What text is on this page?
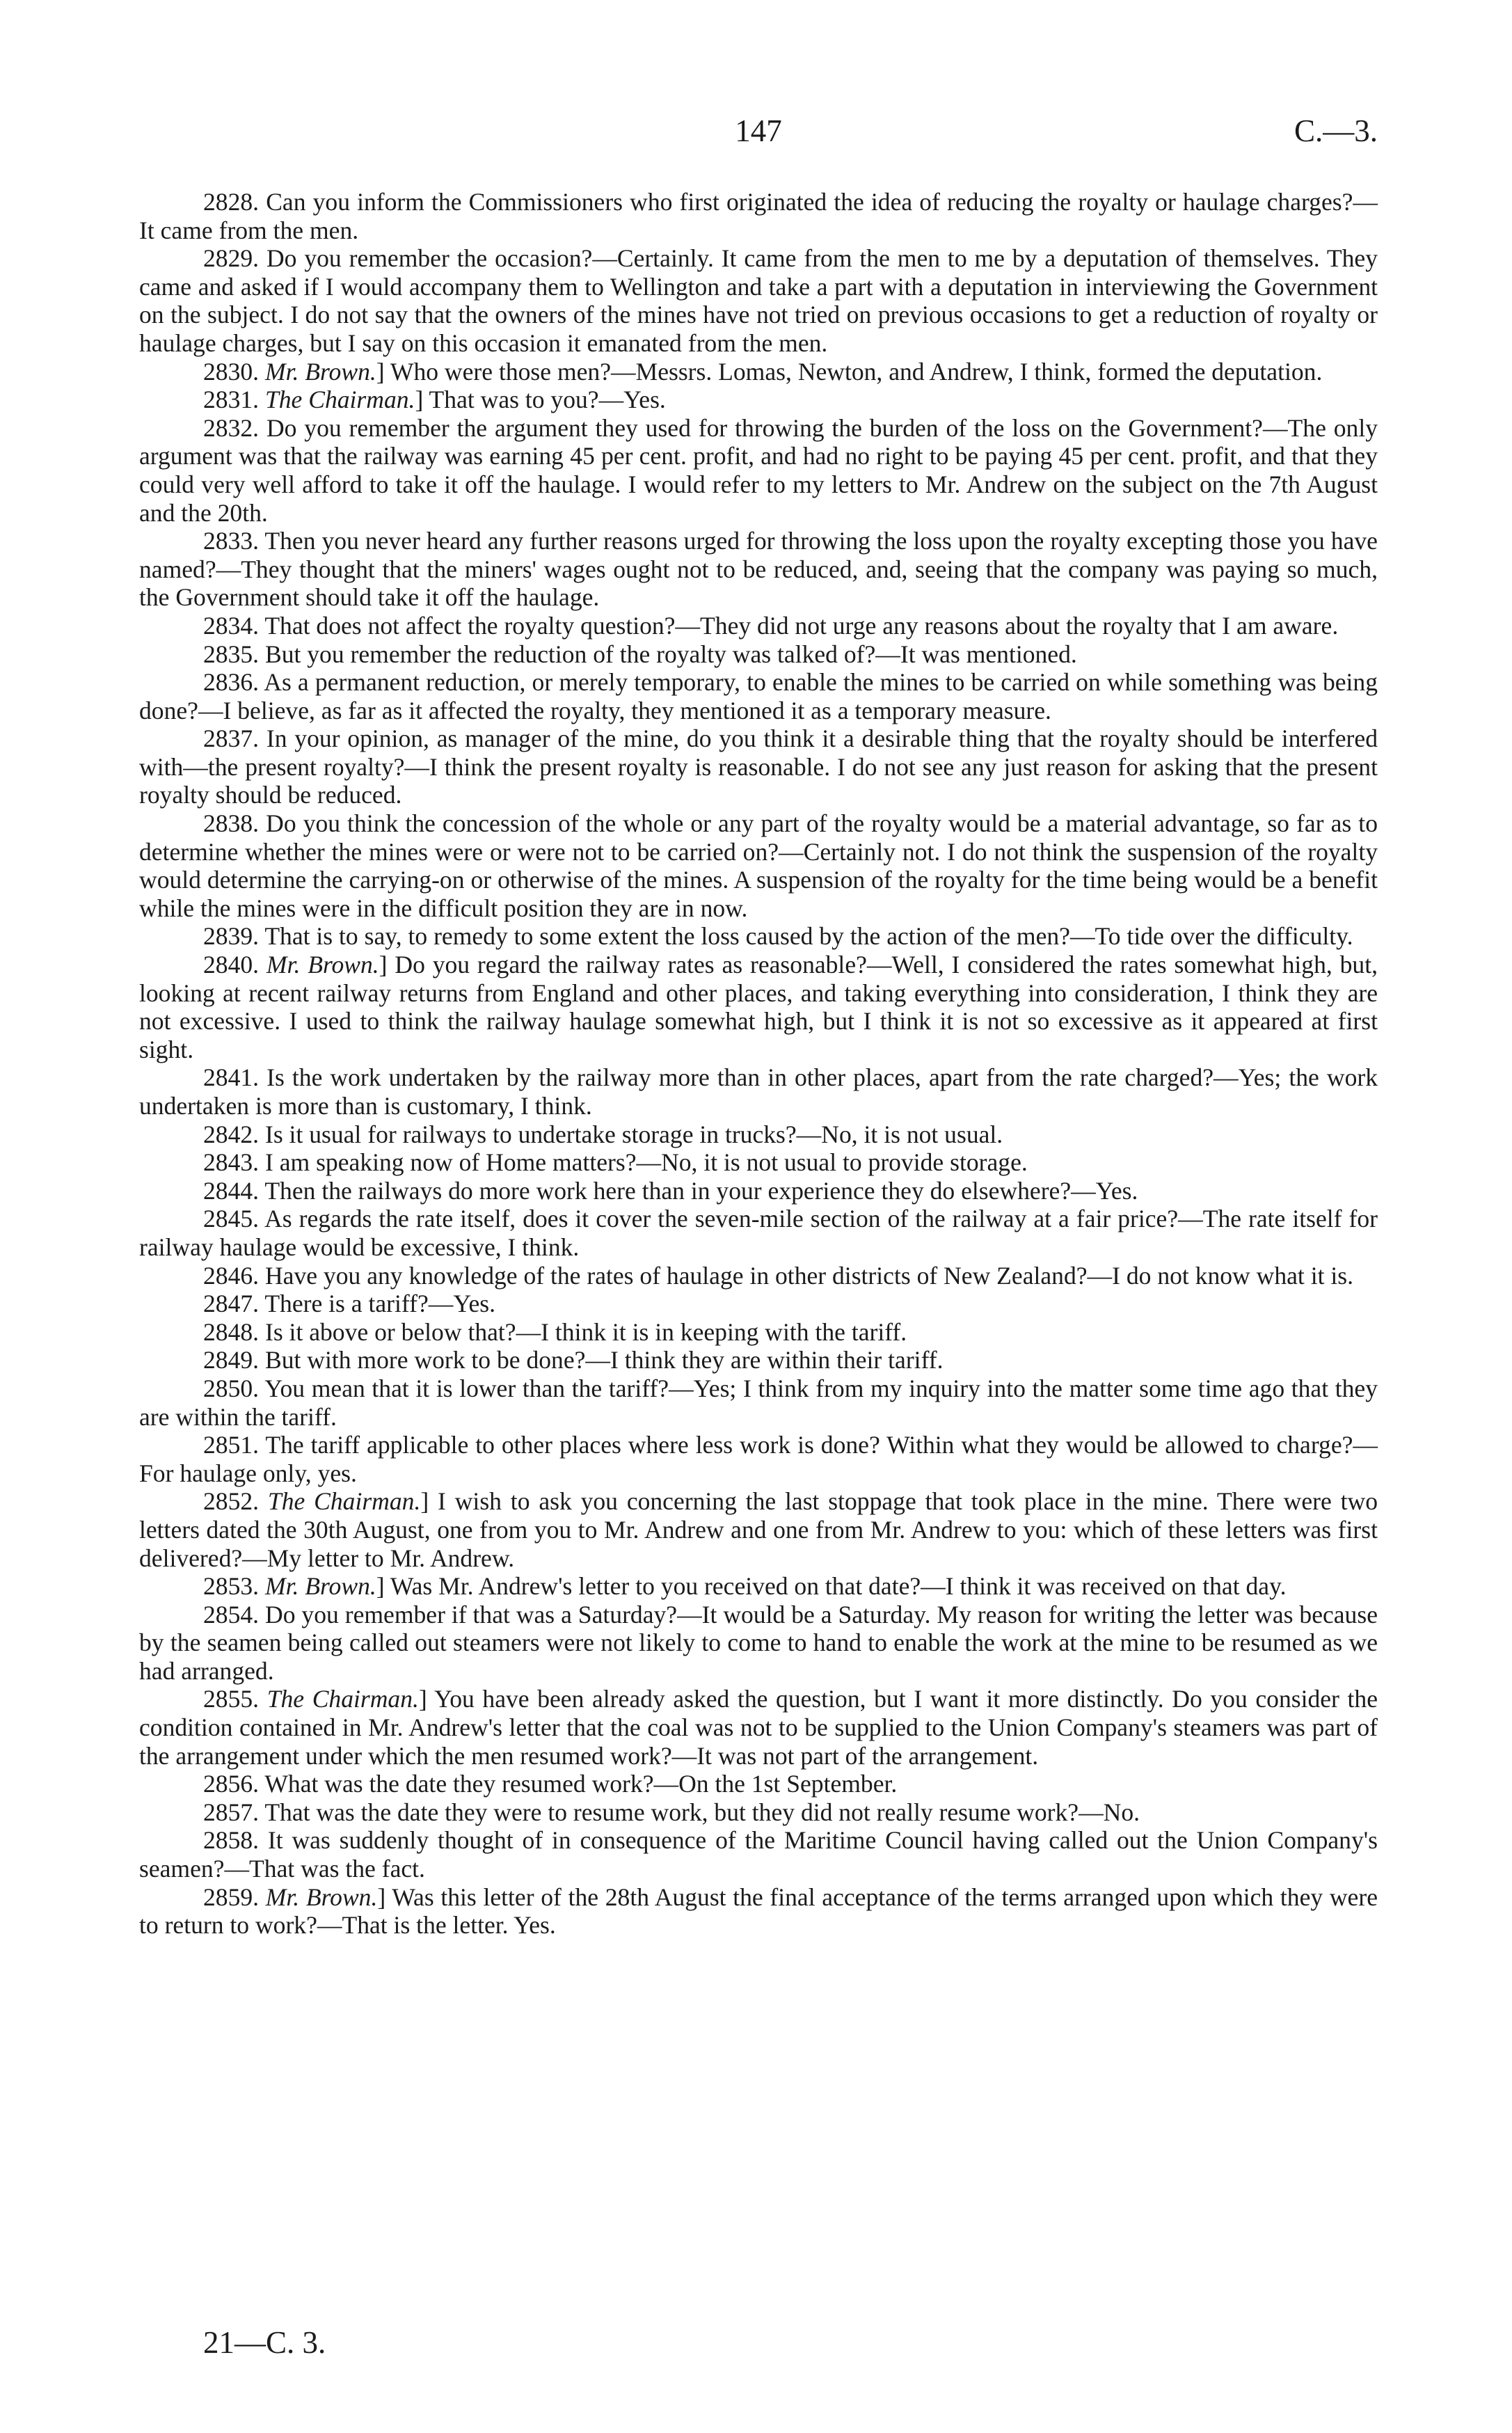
147	C.—3.

2828. Can you inform the Commissioners who first originated the idea of reducing the royalty or haulage charges?—It came from the men.

2829. Do you remember the occasion?—Certainly. It came from the men to me by a deputation of themselves. They came and asked if I would accompany them to Wellington and take a part with a deputation in interviewing the Government on the subject. I do not say that the owners of the mines have not tried on previous occasions to get a reduction of royalty or haulage charges, but I say on this occasion it emanated from the men.

2830. Mr. Brown.] Who were those men?—Messrs. Lomas, Newton, and Andrew, I think, formed the deputation.

2831. The Chairman.] That was to you?—Yes.

2832. Do you remember the argument they used for throwing the burden of the loss on the Government?—The only argument was that the railway was earning 45 per cent. profit, and had no right to be paying 45 per cent. profit, and that they could very well afford to take it off the haulage. I would refer to my letters to Mr. Andrew on the subject on the 7th August and the 20th.

2833. Then you never heard any further reasons urged for throwing the loss upon the royalty excepting those you have named?—They thought that the miners' wages ought not to be reduced, and, seeing that the company was paying so much, the Government should take it off the haulage.

2834. That does not affect the royalty question?—They did not urge any reasons about the royalty that I am aware.

2835. But you remember the reduction of the royalty was talked of?—It was mentioned.

2836. As a permanent reduction, or merely temporary, to enable the mines to be carried on while something was being done?—I believe, as far as it affected the royalty, they mentioned it as a temporary measure.

2837. In your opinion, as manager of the mine, do you think it a desirable thing that the royalty should be interfered with—the present royalty?—I think the present royalty is reasonable. I do not see any just reason for asking that the present royalty should be reduced.

2838. Do you think the concession of the whole or any part of the royalty would be a material advantage, so far as to determine whether the mines were or were not to be carried on?—Certainly not. I do not think the suspension of the royalty would determine the carrying-on or otherwise of the mines. A suspension of the royalty for the time being would be a benefit while the mines were in the difficult position they are in now.

2839. That is to say, to remedy to some extent the loss caused by the action of the men?—To tide over the difficulty.

2840. Mr. Brown.] Do you regard the railway rates as reasonable?—Well, I considered the rates somewhat high, but, looking at recent railway returns from England and other places, and taking everything into consideration, I think they are not excessive. I used to think the railway haulage somewhat high, but I think it is not so excessive as it appeared at first sight.

2841. Is the work undertaken by the railway more than in other places, apart from the rate charged?—Yes; the work undertaken is more than is customary, I think.

2842. Is it usual for railways to undertake storage in trucks?—No, it is not usual.

2843. I am speaking now of Home matters?—No, it is not usual to provide storage.

2844. Then the railways do more work here than in your experience they do elsewhere?—Yes.

2845. As regards the rate itself, does it cover the seven-mile section of the railway at a fair price?—The rate itself for railway haulage would be excessive, I think.

2846. Have you any knowledge of the rates of haulage in other districts of New Zealand?—I do not know what it is.

2847. There is a tariff?—Yes.

2848. Is it above or below that?—I think it is in keeping with the tariff.

2849. But with more work to be done?—I think they are within their tariff.

2850. You mean that it is lower than the tariff?—Yes; I think from my inquiry into the matter some time ago that they are within the tariff.

2851. The tariff applicable to other places where less work is done? Within what they would be allowed to charge?—For haulage only, yes.

2852. The Chairman.] I wish to ask you concerning the last stoppage that took place in the mine. There were two letters dated the 30th August, one from you to Mr. Andrew and one from Mr. Andrew to you: which of these letters was first delivered?—My letter to Mr. Andrew.

2853. Mr. Brown.] Was Mr. Andrew's letter to you received on that date?—I think it was received on that day.

2854. Do you remember if that was a Saturday?—It would be a Saturday. My reason for writing the letter was because by the seamen being called out steamers were not likely to come to hand to enable the work at the mine to be resumed as we had arranged.

2855. The Chairman.] You have been already asked the question, but I want it more distinctly. Do you consider the condition contained in Mr. Andrew's letter that the coal was not to be supplied to the Union Company's steamers was part of the arrangement under which the men resumed work?—It was not part of the arrangement.

2856. What was the date they resumed work?—On the 1st September.

2857. That was the date they were to resume work, but they did not really resume work?—No.

2858. It was suddenly thought of in consequence of the Maritime Council having called out the Union Company's seamen?—That was the fact.

2859. Mr. Brown.] Was this letter of the 28th August the final acceptance of the terms arranged upon which they were to return to work?—That is the letter. Yes.

21—C. 3.
